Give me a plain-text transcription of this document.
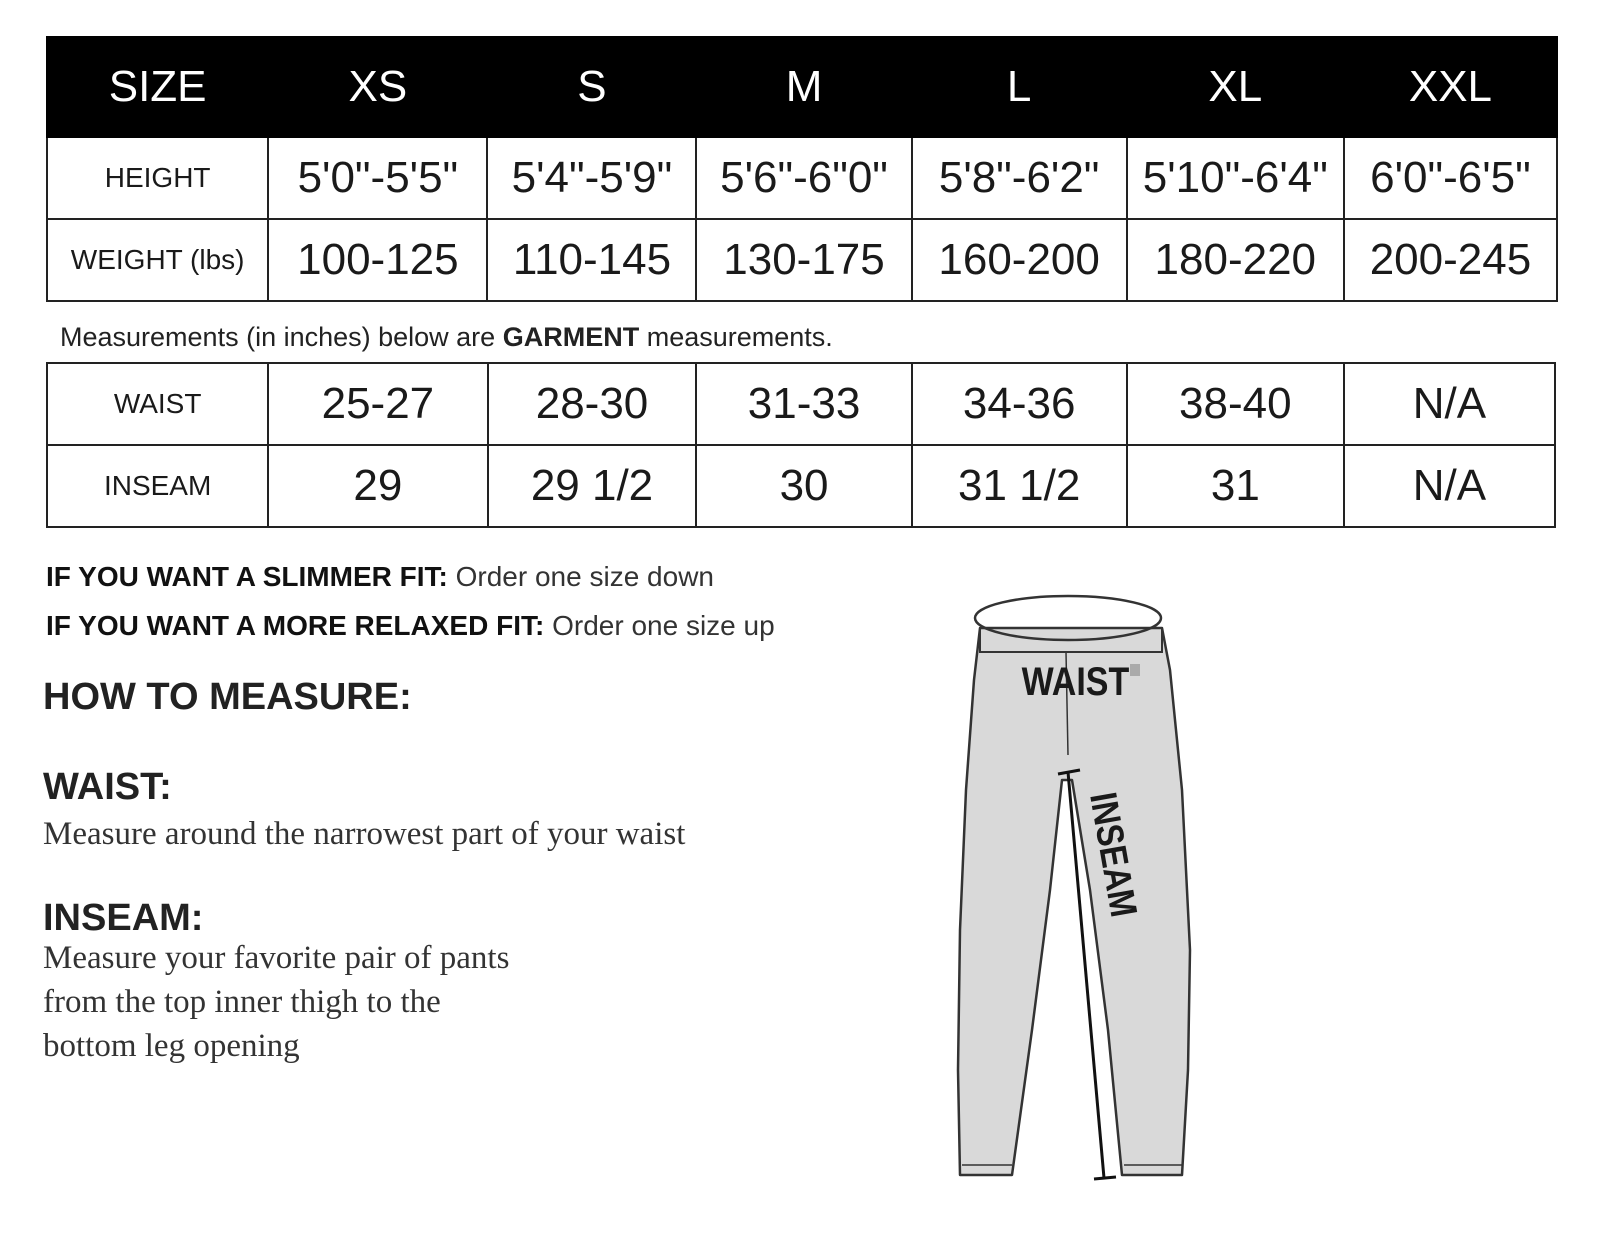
SIZE	XS	S	M	L	XL	XXL
HEIGHT	5'0"-5'5"	5'4"-5'9"	5'6"-6"0"	5'8"-6'2"	5'10"-6'4"	6'0"-6'5"
WEIGHT (lbs)	100-125	110-145	130-175	160-200	180-220	200-245
Measurements (in inches) below are GARMENT measurements.
WAIST	25-27	28-30	31-33	34-36	38-40	N/A
INSEAM	29	29 1/2	30	31 1/2	31	N/A
IF YOU WANT A SLIMMER FIT: Order one size down
IF YOU WANT A MORE RELAXED FIT: Order one size up
HOW TO MEASURE:
WAIST:
Measure around the narrowest part of your waist
INSEAM:
Measure your favorite pair of pants
from the top inner thigh to the
bottom leg opening
WAIST
INSEAM
